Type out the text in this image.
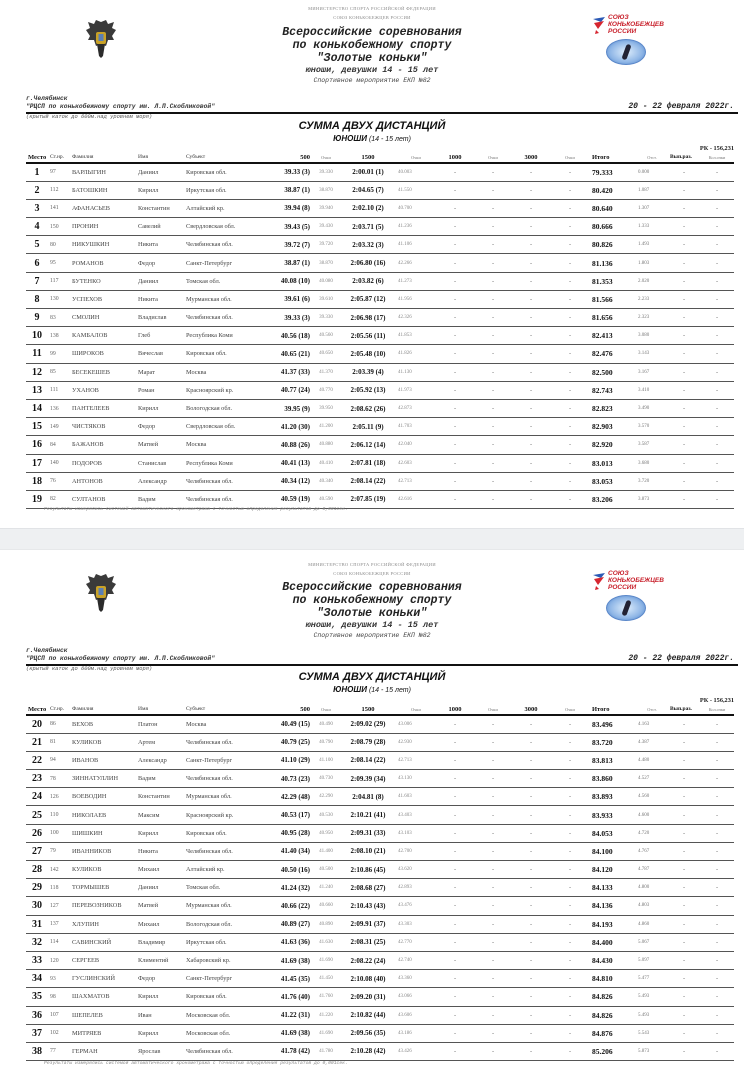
МИНИСТЕРСТВО СПОРТА РОССИЙСКОЙ ФЕДЕРАЦИИ
СОЮЗ КОНЬКОБЕЖЦЕВ РОССИИ
Всероссийские соревнования
по конькобежному спорту
"Золотые коньки"
юноши, девушки 14 - 15 лет
Спортивное мероприятие ЕКП №82
СОЮЗ
КОНЬКОБЕЖЦЕВ
РОССИИ
г.Челябинск
"РЦСП по конькобежному спорту им. Л.П.Скобликовой"
(крытый каток до 600м.над уровнем моря)
20 - 22 февраля 2022г.
СУММА ДВУХ ДИСТАНЦИЙ
ЮНОШИ (14 - 15 лет)
РК - 156,231
Место	Ст.нр.	Фамилия	Имя	Субъект	500	Очки	1500	Очки	1000	Очки	3000	Очки	Итого	Отст.	Вып.раз.	Кол.очки
1	97	ВАРЛЫГИН	Даниил	Кировская обл.	39.33 (3)	39.330	2:00.01 (1)	40.003	-	-	-	-	79.333	0.000	-	-
2	112	БАТОШКИН	Кирилл	Иркутская обл.	38.87 (1)	38.870	2:04.65 (7)	41.550	-	-	-	-	80.420	1.087	-	-
3	141	АФАНАСЬЕВ	Константин	Алтайский кр.	39.94 (8)	39.940	2:02.10 (2)	40.700	-	-	-	-	80.640	1.307	-	-
4	150	ПРОНИН	Савелий	Свердловская обл.	39.43 (5)	39.430	2:03.71 (5)	41.236	-	-	-	-	80.666	1.333	-	-
5	80	НИКУШКИН	Никита	Челябинская обл.	39.72 (7)	39.720	2:03.32 (3)	41.106	-	-	-	-	80.826	1.493	-	-
6	95	РОМАНОВ	Федор	Санкт-Петербург	38.87 (1)	38.870	2:06.80 (16)	42.266	-	-	-	-	81.136	1.803	-	-
7	117	БУТЕНКО	Даниил	Томская обл.	40.08 (10)	40.080	2:03.82 (6)	41.273	-	-	-	-	81.353	2.020	-	-
8	130	УСПЕХОВ	Никита	Мурманская обл.	39.61 (6)	39.610	2:05.87 (12)	41.956	-	-	-	-	81.566	2.233	-	-
9	83	СМОЛИН	Владислав	Челябинская обл.	39.33 (3)	39.330	2:06.98 (17)	42.326	-	-	-	-	81.656	2.323	-	-
10	138	КАМБАЛОВ	Глеб	Республика Коми	40.56 (18)	40.560	2:05.56 (11)	41.853	-	-	-	-	82.413	3.080	-	-
11	99	ШИРОКОВ	Вячеслав	Кировская обл.	40.65 (21)	40.650	2:05.48 (10)	41.826	-	-	-	-	82.476	3.143	-	-
12	85	БЕСЕКЕШЕВ	Марат	Москва	41.37 (33)	41.370	2:03.39 (4)	41.130	-	-	-	-	82.500	3.167	-	-
13	111	УХАНОВ	Роман	Красноярский кр.	40.77 (24)	40.770	2:05.92 (13)	41.973	-	-	-	-	82.743	3.410	-	-
14	136	ПАНТЕЛЕЕВ	Кирилл	Вологодская обл.	39.95 (9)	39.950	2:08.62 (26)	42.873	-	-	-	-	82.823	3.490	-	-
15	149	ЧИСТЯКОВ	Федор	Свердловская обл.	41.20 (30)	41.200	2:05.11 (9)	41.703	-	-	-	-	82.903	3.570	-	-
16	84	БАЖАНОВ	Матвей	Москва	40.88 (26)	40.880	2:06.12 (14)	42.040	-	-	-	-	82.920	3.587	-	-
17	140	ПОДОРОВ	Станислав	Республика Коми	40.41 (13)	40.410	2:07.81 (18)	42.603	-	-	-	-	83.013	3.680	-	-
18	76	АНТОНОВ	Александр	Челябинская обл.	40.34 (12)	40.340	2:08.14 (22)	42.713	-	-	-	-	83.053	3.720	-	-
19	82	СУЛТАНОВ	Вадим	Челябинская обл.	40.59 (19)	40.590	2:07.85 (19)	42.616	-	-	-	-	83.206	3.873	-	-
Результаты измерялись системой автоматического хронометража с точностью определения результатов до 0,001сек.
МИНИСТЕРСТВО СПОРТА РОССИЙСКОЙ ФЕДЕРАЦИИ
СОЮЗ КОНЬКОБЕЖЦЕВ РОССИИ
Всероссийские соревнования
по конькобежному спорту
"Золотые коньки"
юноши, девушки 14 - 15 лет
Спортивное мероприятие ЕКП №82
СОЮЗ
КОНЬКОБЕЖЦЕВ
РОССИИ
г.Челябинск
"РЦСП по конькобежному спорту им. Л.П.Скобликовой"
(крытый каток до 600м.над уровнем моря)
20 - 22 февраля 2022г.
СУММА ДВУХ ДИСТАНЦИЙ
ЮНОШИ (14 - 15 лет)
РК - 156,231
Место	Ст.нр.	Фамилия	Имя	Субъект	500	Очки	1500	Очки	1000	Очки	3000	Очки	Итого	Отст.	Вып.раз.	Кол.очки
20	86	ВЕХОВ	Платон	Москва	40.49 (15)	40.490	2:09.02 (29)	43.006	-	-	-	-	83.496	4.163	-	-
21	81	КУЛИКОВ	Артем	Челябинская обл.	40.79 (25)	40.790	2:08.79 (28)	42.930	-	-	-	-	83.720	4.387	-	-
22	94	ИВАНОВ	Александр	Санкт-Петербург	41.10 (29)	41.100	2:08.14 (22)	42.713	-	-	-	-	83.813	4.480	-	-
23	78	ЗИННАТУЛЛИН	Вадим	Челябинская обл.	40.73 (23)	40.730	2:09.39 (34)	43.130	-	-	-	-	83.860	4.527	-	-
24	126	ВОЕВОДИН	Константин	Мурманская обл.	42.29 (48)	42.290	2:04.81 (8)	41.603	-	-	-	-	83.893	4.560	-	-
25	110	НИКОЛАЕВ	Максим	Красноярский кр.	40.53 (17)	40.530	2:10.21 (41)	43.403	-	-	-	-	83.933	4.600	-	-
26	100	ШИШКИН	Кирилл	Кировская обл.	40.95 (28)	40.950	2:09.31 (33)	43.103	-	-	-	-	84.053	4.720	-	-
27	79	ИВАННИКОВ	Никита	Челябинская обл.	41.40 (34)	41.400	2:08.10 (21)	42.700	-	-	-	-	84.100	4.767	-	-
28	142	КУЛИКОВ	Михаил	Алтайский кр.	40.50 (16)	40.500	2:10.86 (45)	43.620	-	-	-	-	84.120	4.787	-	-
29	118	ТОРМЫШЕВ	Даниил	Томская обл.	41.24 (32)	41.240	2:08.68 (27)	42.893	-	-	-	-	84.133	4.800	-	-
30	127	ПЕРЕВОЗНИКОВ	Матвей	Мурманская обл.	40.66 (22)	40.660	2:10.43 (43)	43.476	-	-	-	-	84.136	4.803	-	-
31	137	ХЛУПИН	Михаил	Вологодская обл.	40.89 (27)	40.890	2:09.91 (37)	43.303	-	-	-	-	84.193	4.860	-	-
32	114	САВИНСКИЙ	Владимир	Иркутская обл.	41.63 (36)	41.630	2:08.31 (25)	42.770	-	-	-	-	84.400	5.067	-	-
33	120	СЕРГЕЕВ	Климентий	Хабаровский кр.	41.69 (38)	41.690	2:08.22 (24)	42.740	-	-	-	-	84.430	5.097	-	-
34	93	ГУСЛИНСКИЙ	Федор	Санкт-Петербург	41.45 (35)	41.450	2:10.08 (40)	43.360	-	-	-	-	84.810	5.477	-	-
35	98	ШАХМАТОВ	Кирилл	Кировская обл.	41.76 (40)	41.760	2:09.20 (31)	43.066	-	-	-	-	84.826	5.493	-	-
36	107	ШЕПЕЛЕВ	Иван	Московская обл.	41.22 (31)	41.220	2:10.82 (44)	43.606	-	-	-	-	84.826	5.493	-	-
37	102	МИТРЯЕВ	Кирилл	Московская обл.	41.69 (38)	41.690	2:09.56 (35)	43.186	-	-	-	-	84.876	5.543	-	-
38	77	ГЕРМАН	Ярослав	Челябинская обл.	41.78 (42)	41.780	2:10.28 (42)	43.426	-	-	-	-	85.206	5.873	-	-
Результаты измерялись системой автоматического хронометража с точностью определения результатов до 0,001сек.
